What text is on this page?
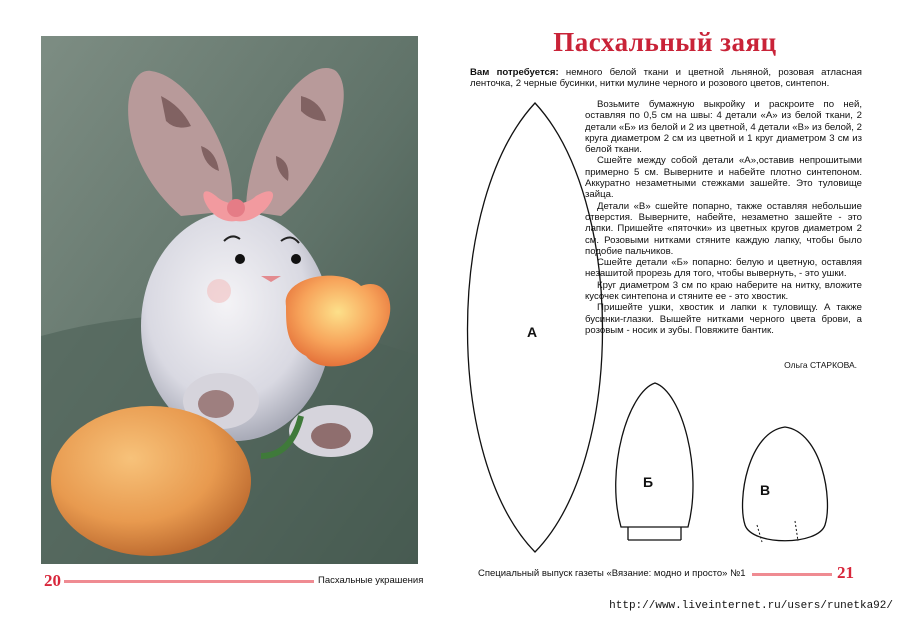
20	Пасхальные украшения
Пасхальный заяц
Вам потребуется: немного белой ткани и цветной льняной, розовая атласная ленточка, 2 черные бусинки, нитки мулине черного и розового цветов, синтепон.

Возьмите бумажную выкройку и раскроите по ней, оставляя по 0,5 см на швы: 4 детали «А» из белой ткани, 2 детали «Б» из белой и 2 из цветной, 4 детали «В» из белой, 2 круга диаметром 2 см из цветной и 1 круг диаметром 3 см из белой ткани.

Сшейте между собой детали «А»,оставив непрошитыми примерно 5 см. Выверните и набейте плотно синтепоном. Аккуратно незаметными стежками зашейте. Это туловище зайца.

Детали «В» сшейте попарно, также оставляя небольшие отверстия. Выверните, набейте, незаметно зашейте - это лапки. Пришейте «пяточки» из цветных кругов диаметром 2 см. Розовыми нитками стяните каждую лапку, чтобы было подобие пальчиков.

Сшейте детали «Б» попарно: белую и цветную, оставляя незашитой прорезь для того, чтобы вывернуть, - это ушки.

Круг диаметром 3 см по краю наберите на нитку, вложите кусочек синтепона и стяните ее - это хвостик.

Пришейте ушки, хвостик и лапки к туловищу. А также бусинки-глазки. Вышейте нитками черного цвета брови, а розовым - носик и зубы. Повяжите бантик.

Ольга СТАРКОВА.
А
Б	В
Специальный выпуск газеты «Вязание: модно и просто» №1	21
http://www.liveinternet.ru/users/runetka92/
